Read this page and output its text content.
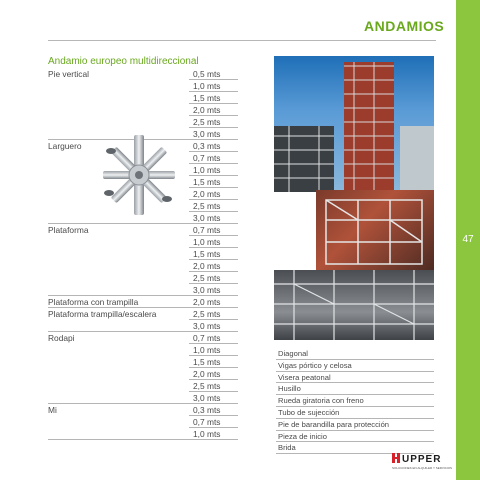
47
ANDAMIOS
Andamio europeo multidireccional
Pie vertical	0,5 mts
1,0 mts
1,5 mts
2,0 mts
2,5 mts
3,0 mts
Larguero	0,3 mts
0,7 mts
1,0 mts
1,5 mts
2,0 mts
2,5 mts
3,0 mts
Plataforma	0,7 mts
1,0 mts
1,5 mts
2,0 mts
2,5 mts
3,0 mts
Plataforma con trampilla	2,0 mts
Plataforma trampilla/escalera	2,5 mts
3,0 mts
Rodapi	0,7 mts
1,0 mts
1,5 mts
2,0 mts
2,5 mts
3,0 mts
Mi	0,3 mts
0,7 mts
1,0 mts
Diagonal
Vigas pórtico y celosa
Visera peatonal
Husillo
Rueda giratoria con freno
Tubo de sujección
Pie de barandilla para protección
Pieza de inicio
Brida
UPPER
SOLUCIONES EN ALQUILER Y SERVICIOS
